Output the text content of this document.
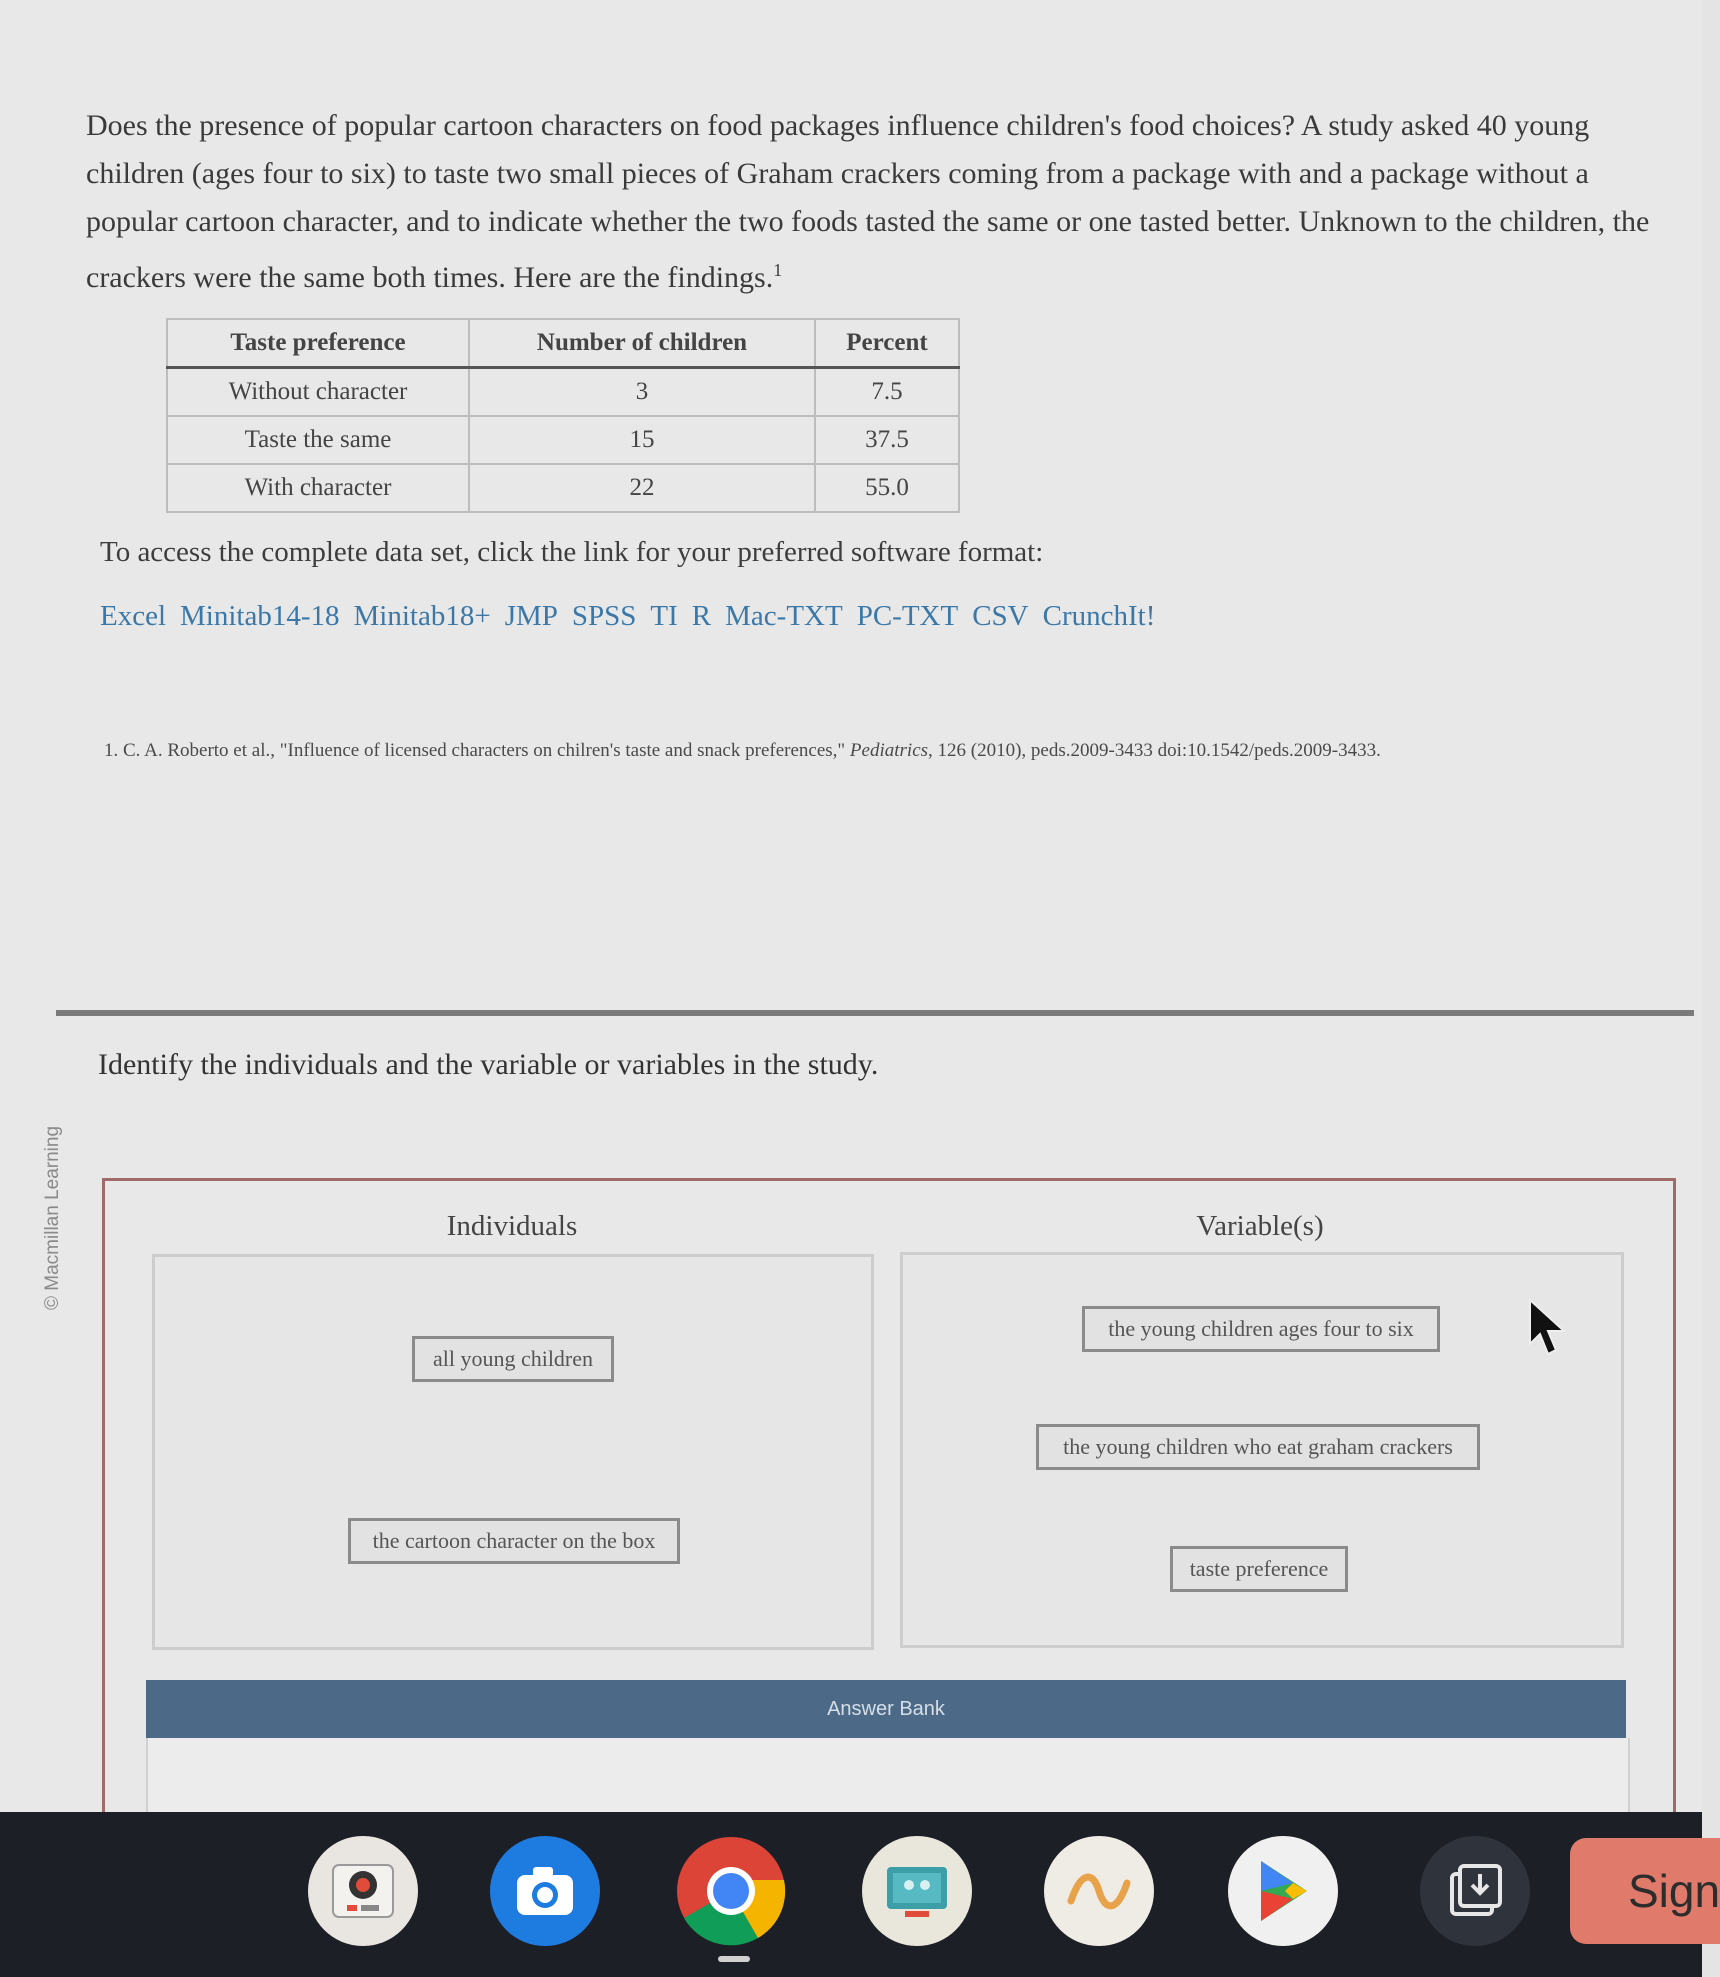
Does the presence of popular cartoon characters on food packages influence children's food choices? A study asked 40 young children (ages four to six) to taste two small pieces of Graham crackers coming from a package with and a package without a popular cartoon character, and to indicate whether the two foods tasted the same or one tasted better. Unknown to the children, the crackers were the same both times. Here are the findings.$^1$
Taste preference	Number of children	Percent
Without character	3	7.5
Taste the same	15	37.5
With character	22	55.0
To access the complete data set, click the link for your preferred software format:
Excel Minitab14-18 Minitab18+ JMP SPSS TI R Mac-TXT PC-TXT CSV CrunchIt!
1. C. A. Roberto et al., "Influence of licensed characters on chilren's taste and snack preferences," Pediatrics, 126 (2010), peds.2009-3433 doi:10.1542/peds.2009-3433.
© Macmillan Learning
Identify the individuals and the variable or variables in the study.
Individuals	Variable(s)
all young children
the cartoon character on the box
the young children ages four to six
the young children who eat graham crackers
taste preference
Answer Bank
Sign
